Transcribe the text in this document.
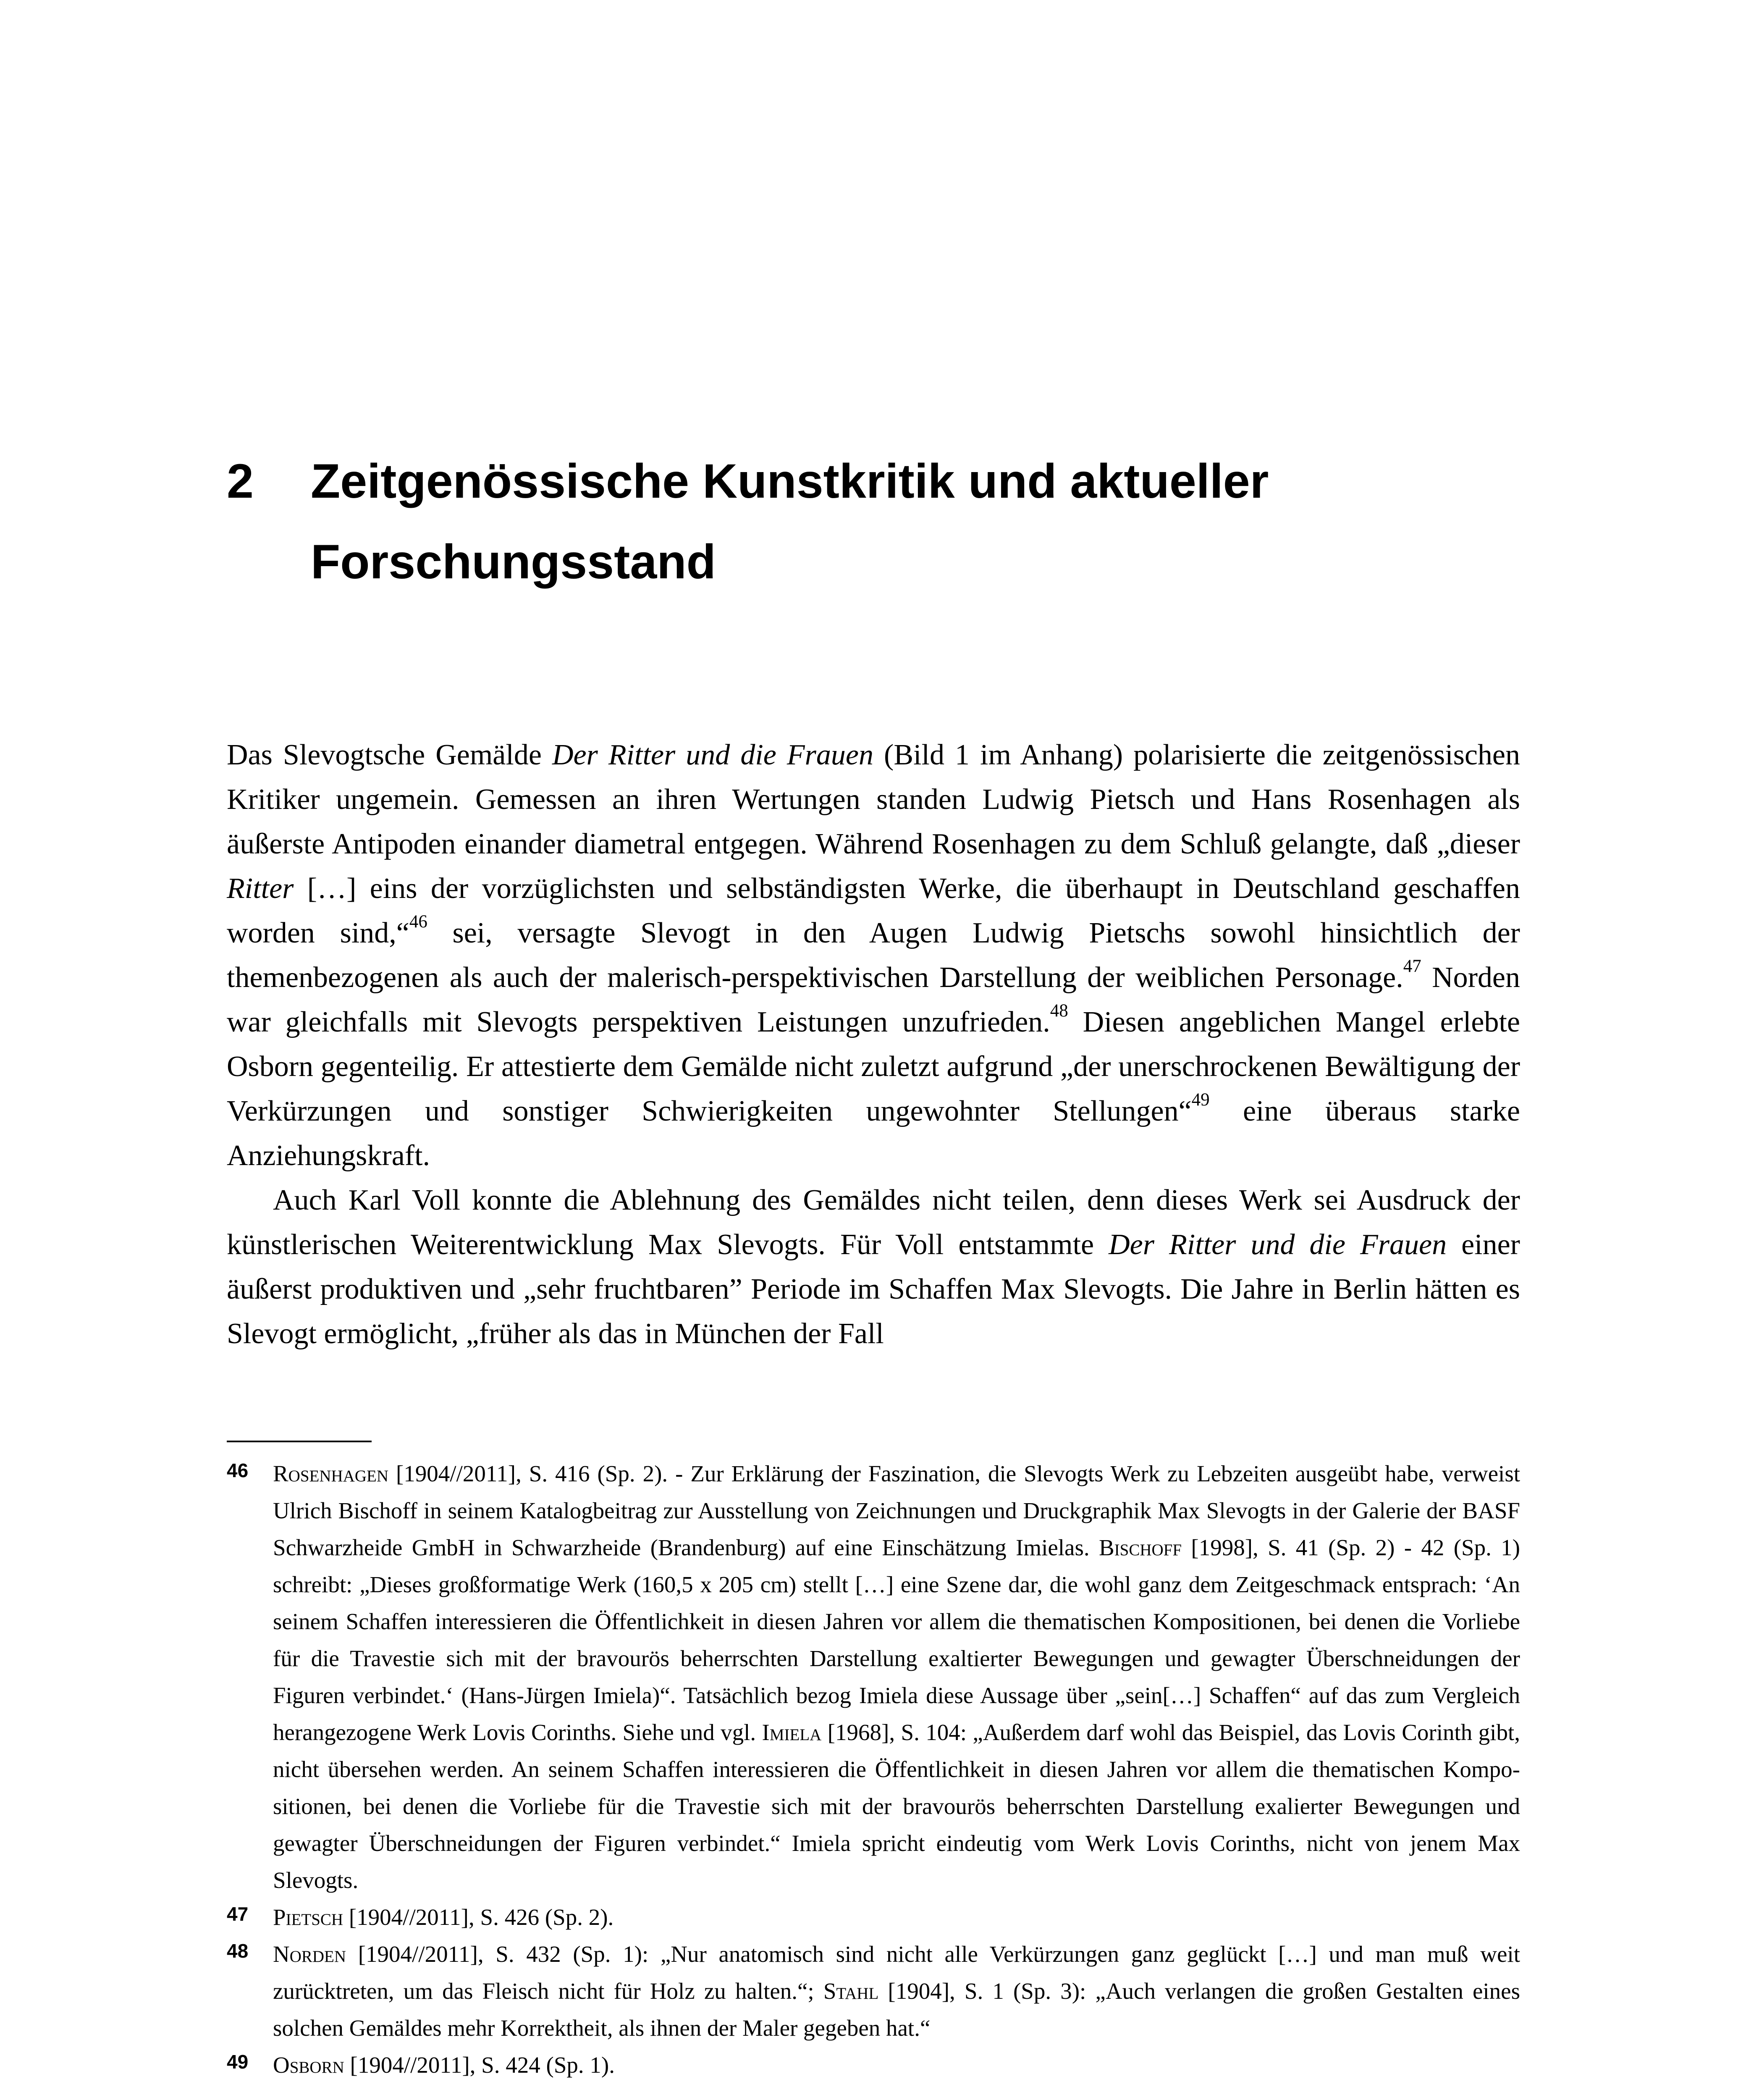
2 Zeitgenössische Kunstkritik und aktueller
Forschungsstand

Das Slevogtsche Gemälde Der Ritter und die Frauen (Bild 1 im Anhang) polarisierte die zeitgenössischen Kritiker ungemein. Gemessen an ihren Wertungen standen Ludwig Pietsch und Hans Rosenhagen als äußerste Antipoden einander diametral entgegen. Während Rosenhagen zu dem Schluß gelangte, daß „dieser Ritter […] eins der vorzüglichsten und selbständigsten Werke, die überhaupt in Deutschland geschaffen worden sind,“$^{46}$ sei, versagte Slevogt in den Augen Ludwig Pietschs sowohl hinsichtlich der themenbezogenen als auch der malerisch-perspektivischen Darstellung der weiblichen Personage.$^{47}$ Norden war gleichfalls mit Slevogts perspektiven Leistungen unzufrieden.$^{48}$ Diesen angeblichen Mangel erlebte Osborn gegenteilig. Er attestierte dem Gemälde nicht zuletzt aufgrund „der unerschrockenen Bewältigung der Verkürzungen und sonstiger Schwierigkeiten ungewohnter Stellungen“$^{49}$ eine überaus starke Anziehungskraft.

Auch Karl Voll konnte die Ablehnung des Gemäldes nicht teilen, denn dieses Werk sei Ausdruck der künstlerischen Weiterentwicklung Max Slevogts. Für Voll entstammte Der Ritter und die Frauen einer äußerst produktiven und „sehr fruchtbaren” Periode im Schaffen Max Slevogts. Die Jahre in Berlin hätten es Slevogt ermöglicht, „früher als das in München der Fall

46 Rosenhagen [1904//2011], S. 416 (Sp. 2). - Zur Erklärung der Faszination, die Slevogts Werk zu Lebzeiten ausgeübt habe, verweist Ulrich Bischoff in seinem Katalogbeitrag zur Ausstellung von Zeichnungen und Druckgraphik Max Slevogts in der Galerie der BASF Schwarzheide GmbH in Schwarzheide (Brandenburg) auf eine Einschätzung Imielas. Bischoff [1998], S. 41 (Sp. 2) - 42 (Sp. 1) schreibt: „Dieses großformatige Werk (160,5 x 205 cm) stellt […] eine Szene dar, die wohl ganz dem Zeitgeschmack entsprach: ‘An seinem Schaffen interessieren die Öffentlichkeit in diesen Jahren vor allem die thematischen Kompositionen, bei denen die Vorliebe für die Travestie sich mit der bravourös beherrschten Darstellung exaltierter Bewegungen und gewagter Überschneidungen der Figuren verbindet.‘ (Hans-Jürgen Imiela)“. Tatsächlich bezog Imiela diese Aussage über „sein[…] Schaffen“ auf das zum Vergleich herangezogene Werk Lovis Corinths. Siehe und vgl. Imiela [1968], S. 104: „Außerdem darf wohl das Beispiel, das Lovis Corinth gibt, nicht übersehen werden. An seinem Schaffen interessieren die Öffentlichkeit in diesen Jahren vor allem die thematischen Kompositionen, bei denen die Vorliebe für die Travestie sich mit der bravourös beherrschten Darstellung exalierter Bewegungen und gewagter Überschneidungen der Figuren verbindet.“ Imiela spricht eindeutig vom Werk Lovis Corinths, nicht von jenem Max Slevogts.

47 Pietsch [1904//2011], S. 426 (Sp. 2).

48 Norden [1904//2011], S. 432 (Sp. 1): „Nur anatomisch sind nicht alle Verkürzungen ganz geglückt […] und man muß weit zurücktreten, um das Fleisch nicht für Holz zu halten.“; Stahl [1904], S. 1 (Sp. 3): „Auch verlangen die großen Gestalten eines solchen Gemäldes mehr Korrektheit, als ihnen der Maler gegeben hat.“

49 Osborn [1904//2011], S. 424 (Sp. 1).
